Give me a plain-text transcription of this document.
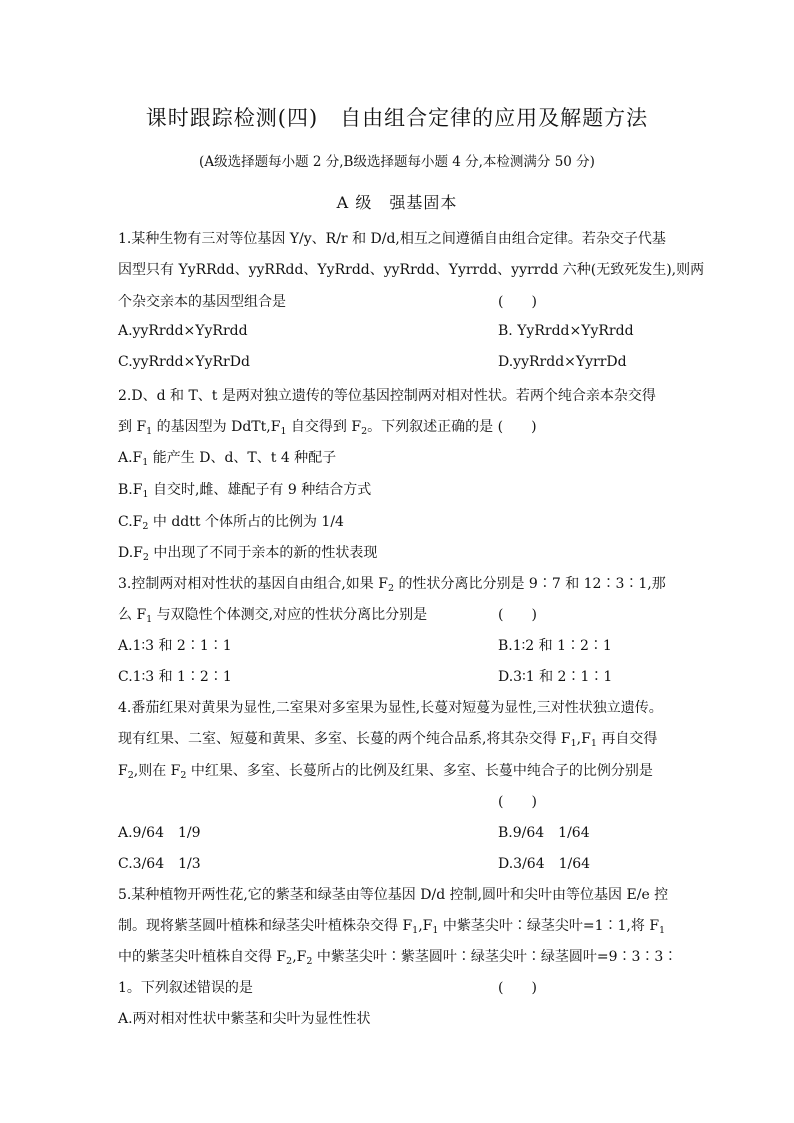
课时跟踪检测(四)　自由组合定律的应用及解题方法
(A级选择题每小题 2 分,B级选择题每小题 4 分,本检测满分 50 分)
A 级　强基固本
1.某种生物有三对等位基因 Y/y、R/r 和 D/d,相互之间遵循自由组合定律。若杂交子代基
因型只有 YyRRdd、yyRRdd、YyRrdd、yyRrdd、Yyrrdd、yyrrdd 六种(无致死发生),则两
个杂交亲本的基因型组合是	(　　)
A.yyRrdd×YyRrdd	B. YyRrdd×YyRrdd
C.yyRrdd×YyRrDd	D.yyRrdd×YyrrDd
2.D、d 和 T、t 是两对独立遗传的等位基因控制两对相对性状。若两个纯合亲本杂交得
到 $F_1$ 的基因型为 $DdTt,F_1$ 自交得到 $F_2$。下列叙述正确的是 (　　)
$A.F_1$ 能产生 D、d、T、t 4 种配子
$B.F_1$ 自交时,雌、雄配子有 9 种结合方式
$C.F_2$ 中 ddtt 个体所占的比例为 1/4
$D.F_2$ 中出现了不同于亲本的新的性状表现
3.控制两对相对性状的基因自由组合,如果 $F_2$ 的性状分离比分别是 9∶7 和 12∶3∶1,那
么 $F_1$ 与双隐性个体测交,对应的性状分离比分别是	(　　)
A.1∶3 和 2∶1∶1	B.1∶2 和 1∶2∶1
C.1∶3 和 1∶2∶1	D.3∶1 和 2∶1∶1
4.番茄红果对黄果为显性,二室果对多室果为显性,长蔓对短蔓为显性,三对性状独立遗传。
现有红果、二室、短蔓和黄果、多室、长蔓的两个纯合品系,将其杂交得 $F_1,F_1$ 再自交得
$F_2$,则在 $F_2$ 中红果、多室、长蔓所占的比例及红果、多室、长蔓中纯合子的比例分别是
(　　)
A.9/64　1/9	B.9/64　1/64
C.3/64　1/3	D.3/64　1/64
5.某种植物开两性花,它的紫茎和绿茎由等位基因 D/d 控制,圆叶和尖叶由等位基因 E/e 控
制。现将紫茎圆叶植株和绿茎尖叶植株杂交得 $F_1,F_1$ 中紫茎尖叶∶绿茎尖叶=1∶1,将 $F_1$
中的紫茎尖叶植株自交得 $F_2,F_2$ 中紫茎尖叶∶紫茎圆叶∶绿茎尖叶∶绿茎圆叶=9∶3∶3∶
1。下列叙述错误的是	(　　)
A.两对相对性状中紫茎和尖叶为显性性状
